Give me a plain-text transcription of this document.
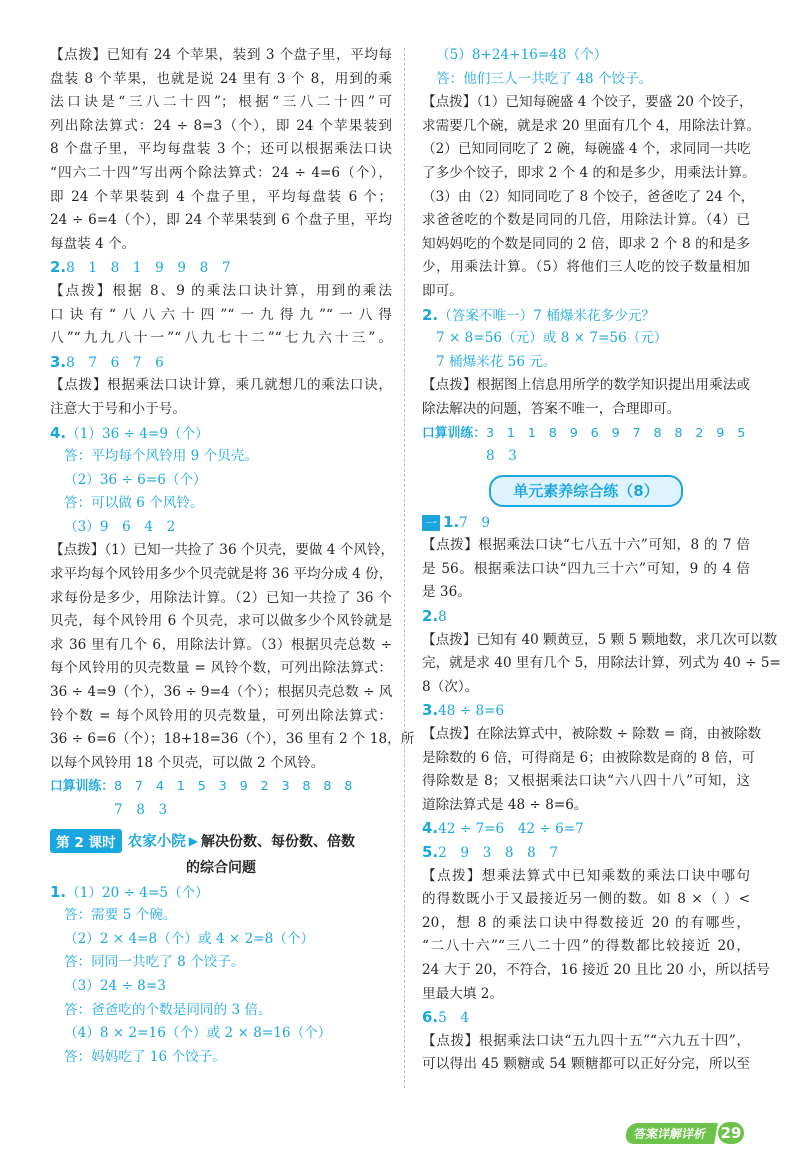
【点拨】已知有 24 个苹果，装到 3 个盘子里，平均每
盘装 8 个苹果，也就是说 24 里有 3 个 8，用到的乘
法口诀是“三八二十四”；根据“三八二十四”可
列出除法算式：24 ÷ 8=3（个），即 24 个苹果装到
8 个盘子里，平均每盘装 3 个；还可以根据乘法口诀
“四六二十四”写出两个除法算式：24 ÷ 4=6（个），
即 24 个苹果装到 4 个盘子里，平均每盘装 6 个；
24 ÷ 6=4（个），即 24 个苹果装到 6 个盘子里，平均
每盘装 4 个。
2.8　1　8　1　9　9　8　7
【点拨】根据 8、9 的乘法口诀计算，用到的乘法
口诀有“八八六十四”“一九得九”“一八得
八”“九九八十一”“八九七十二”“七九六十三”。
3.8　7　6　7　6
【点拨】根据乘法口诀计算，乘几就想几的乘法口诀，
注意大于号和小于号。
4.（1）36 ÷ 4=9（个）
答：平均每个风铃用 9 个贝壳。
（2）36 ÷ 6=6（个）
答：可以做 6 个风铃。
（3）9　6　4　2
【点拨】（1）已知一共捡了 36 个贝壳，要做 4 个风铃，
求平均每个风铃用多少个贝壳就是将 36 平均分成 4 份，
求每份是多少，用除法计算。（2）已知一共捡了 36 个
贝壳，每个风铃用 6 个贝壳，求可以做多少个风铃就是
求 36 里有几个 6，用除法计算。（3）根据贝壳总数 ÷
每个风铃用的贝壳数量 = 风铃个数，可列出除法算式：
36 ÷ 4=9（个），36 ÷ 9=4（个）；根据贝壳总数 ÷ 风
铃个数 = 每个风铃用的贝壳数量，可列出除法算式：
36 ÷ 6=6（个）；18+18=36（个），36 里有 2 个 18，所
以每个风铃用 18 个贝壳，可以做 2 个风铃。
口算训练：8　7　4　1　5　3　9　2　3　8　8　8
7　8　3
第 2 课时 农家小院 ▶ 解决份数、每份数、倍数
的综合问题
1.（1）20 ÷ 4=5（个）
答：需要 5 个碗。
（2）2 × 4=8（个）或 4 × 2=8（个）
答：同同一共吃了 8 个饺子。
（3）24 ÷ 8=3
答：爸爸吃的个数是同同的 3 倍。
（4）8 × 2=16（个）或 2 × 8=16（个）
答：妈妈吃了 16 个饺子。
（5）8+24+16=48（个）
答：他们三人一共吃了 48 个饺子。
【点拨】（1）已知每碗盛 4 个饺子，要盛 20 个饺子，
求需要几个碗，就是求 20 里面有几个 4，用除法计算。
（2）已知同同吃了 2 碗，每碗盛 4 个，求同同一共吃
了多少个饺子，即求 2 个 4 的和是多少，用乘法计算。
（3）由（2）知同同吃了 8 个饺子，爸爸吃了 24 个，
求爸爸吃的个数是同同的几倍，用除法计算。（4）已
知妈妈吃的个数是同同的 2 倍，即求 2 个 8 的和是多
少，用乘法计算。（5）将他们三人吃的饺子数量相加
即可。
2.（答案不唯一）7 桶爆米花多少元？
7 × 8=56（元）或 8 × 7=56（元）
7 桶爆米花 56 元。
【点拨】根据图上信息用所学的数学知识提出用乘法或
除法解决的问题，答案不唯一，合理即可。
口算训练：3　1　1　8　9　6　9　7　8　8　2　9　5
8　3
单元素养综合练（8）
一 1.7　9
【点拨】根据乘法口诀“七八五十六”可知，8 的 7 倍
是 56。根据乘法口诀“四九三十六”可知，9 的 4 倍
是 36。
2.8
【点拨】已知有 40 颗黄豆，5 颗 5 颗地数，求几次可以数
完，就是求 40 里有几个 5，用除法计算，列式为 40 ÷ 5=
8（次）。
3.48 ÷ 8=6
【点拨】在除法算式中，被除数 ÷ 除数 = 商，由被除数
是除数的 6 倍，可得商是 6；由被除数是商的 8 倍，可
得除数是 8；又根据乘法口诀“六八四十八”可知，这
道除法算式是 48 ÷ 8=6。
4.42 ÷ 7=6　42 ÷ 6=7
5.2　9　3　8　8　7
【点拨】想乘法算式中已知乘数的乘法口诀中哪句
的得数既小于又最接近另一侧的数。如 8 ×（ ）<
20，想 8 的乘法口诀中得数接近 20 的有哪些，
“二八十六”“三八二十四”的得数都比较接近 20，
24 大于 20，不符合，16 接近 20 且比 20 小，所以括号
里最大填 2。
6.5　4
【点拨】根据乘法口诀“五九四十五”“六九五十四”，
可以得出 45 颗糖或 54 颗糖都可以正好分完，所以至
答案详解详析 29
